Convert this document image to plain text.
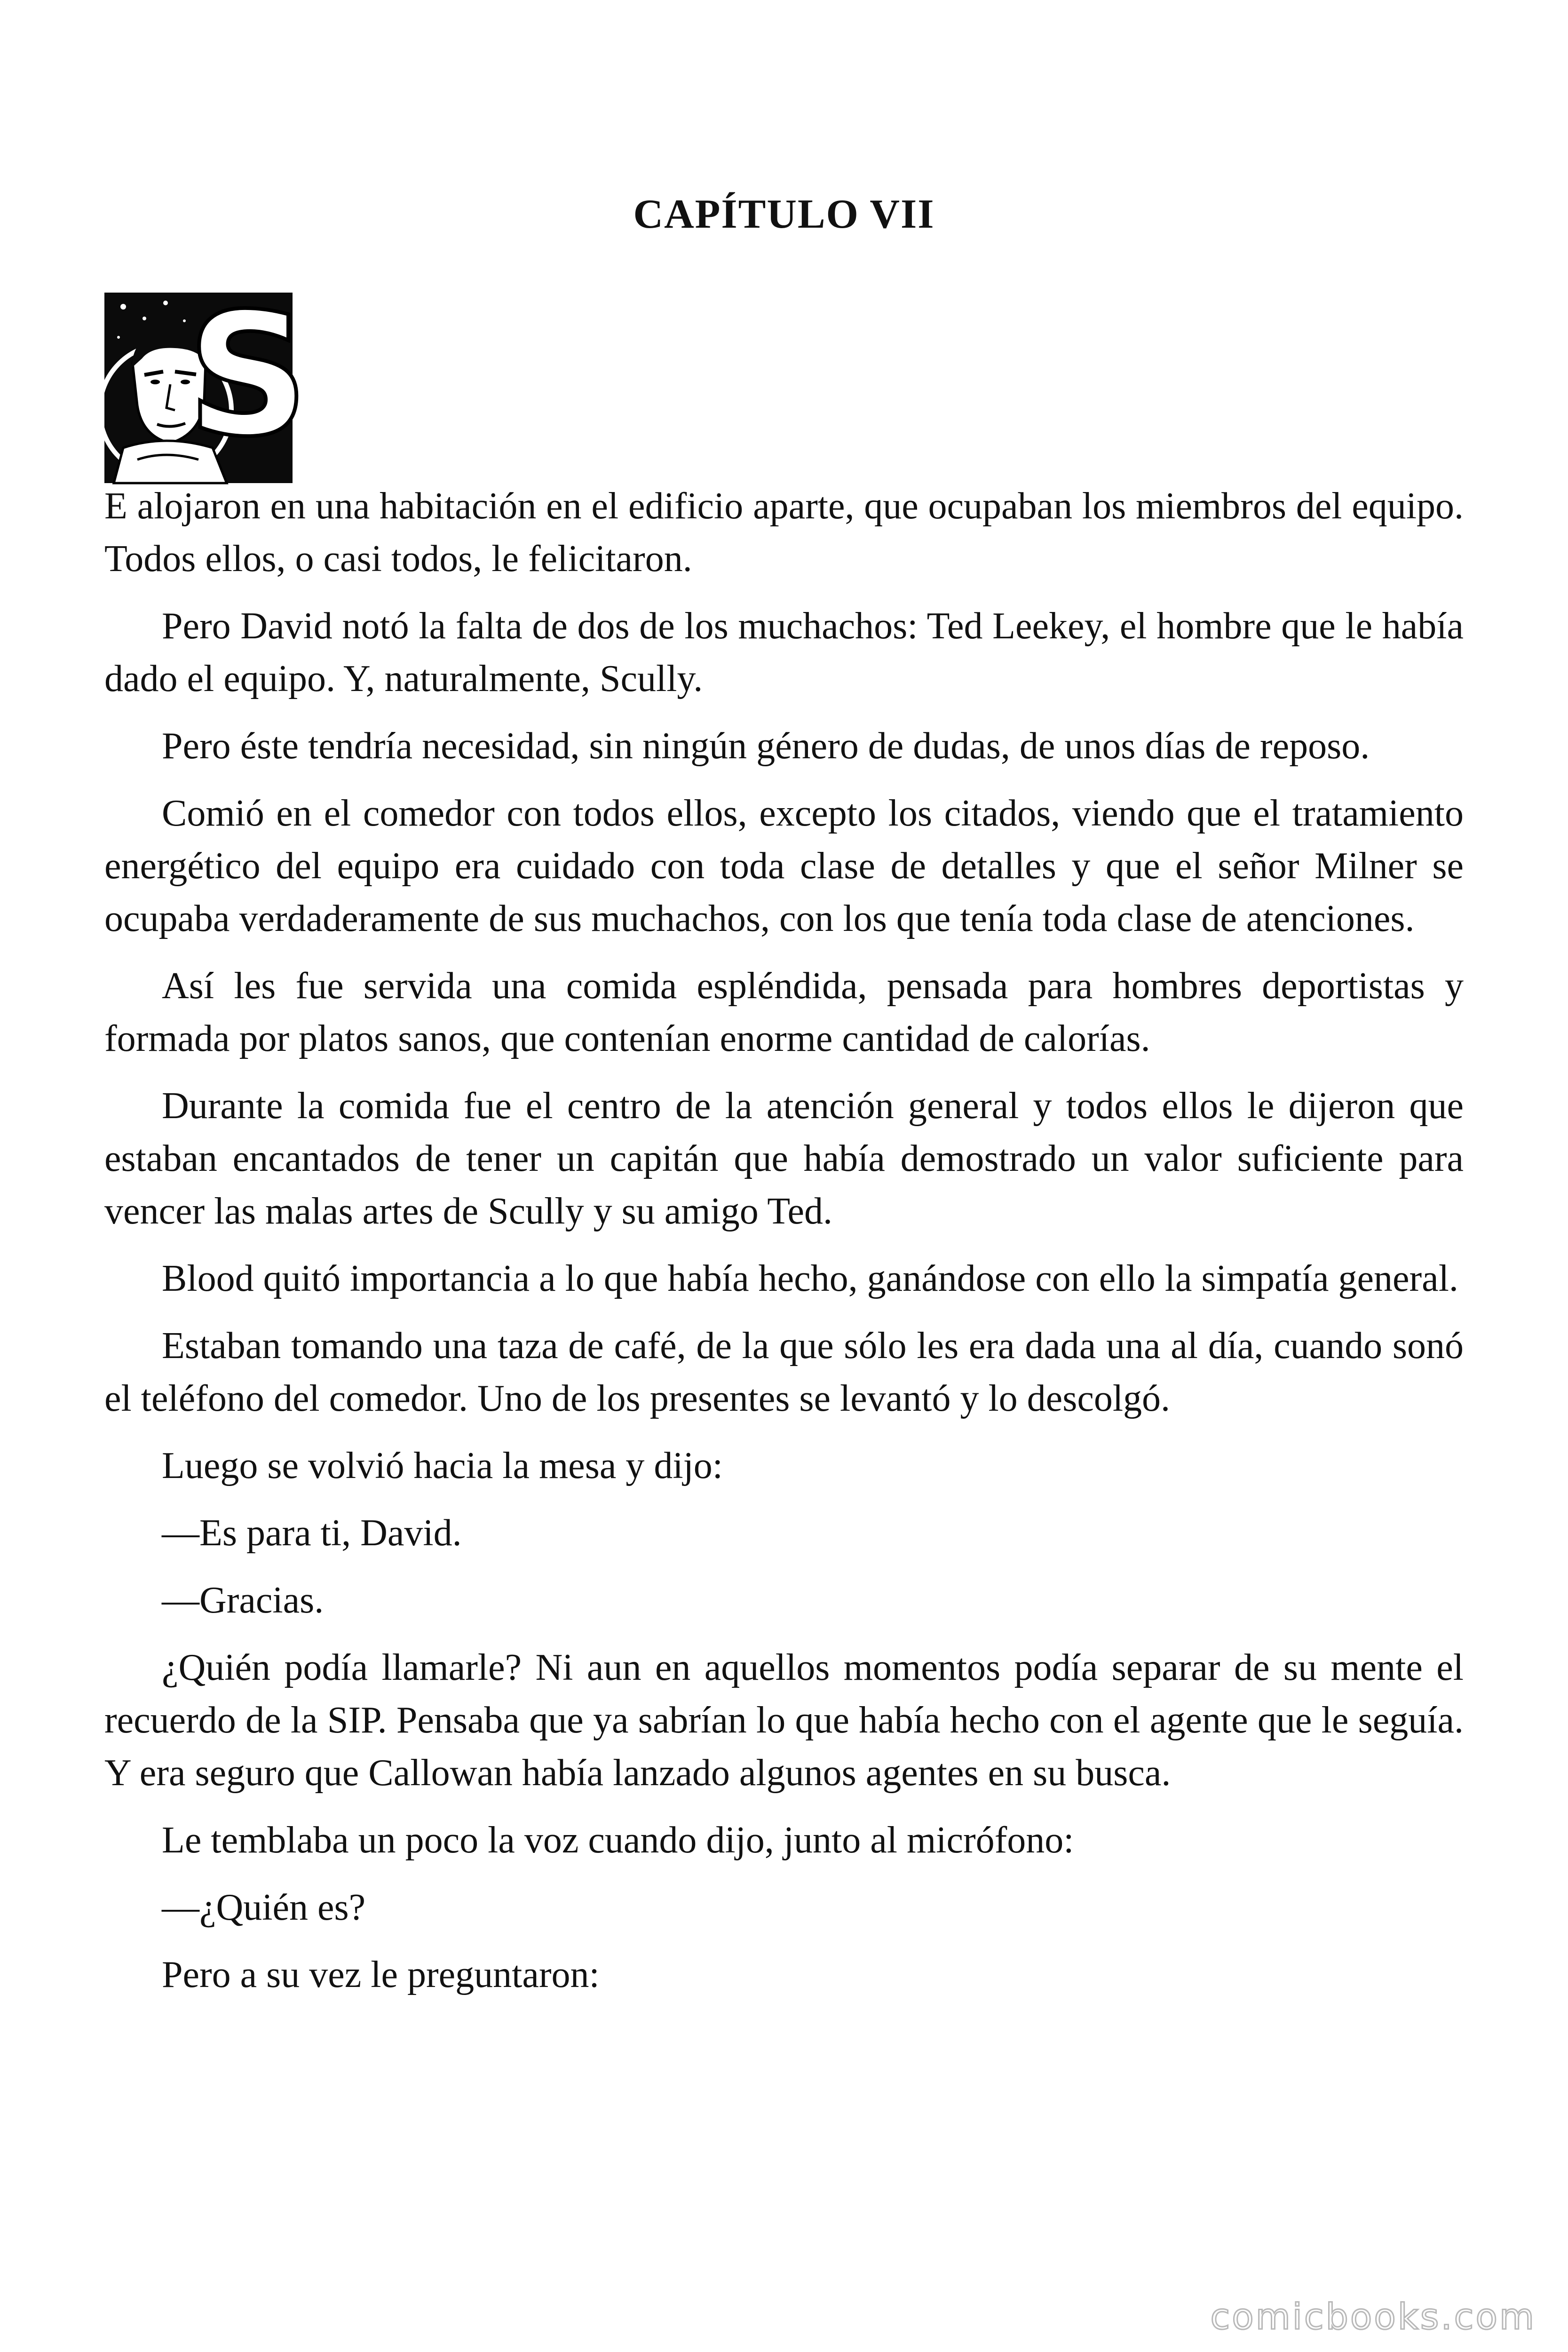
CAPÍTULO VII
S

E alojaron en una habitación en el edificio aparte, que ocupaban los miembros del equipo. Todos ellos, o casi todos, le felicitaron.

Pero David notó la falta de dos de los muchachos: Ted Leekey, el hombre que le había dado el equipo. Y, naturalmente, Scully.

Pero éste tendría necesidad, sin ningún género de dudas, de unos días de reposo.

Comió en el comedor con todos ellos, excepto los citados, viendo que el tratamiento energético del equipo era cuidado con toda clase de detalles y que el señor Milner se ocupaba verdaderamente de sus muchachos, con los que tenía toda clase de atenciones.

Así les fue servida una comida espléndida, pensada para hombres deportistas y formada por platos sanos, que contenían enorme cantidad de calorías.

Durante la comida fue el centro de la atención general y todos ellos le dijeron que estaban encantados de tener un capitán que había demostrado un valor suficiente para vencer las malas artes de Scully y su amigo Ted.

Blood quitó importancia a lo que había hecho, ganándose con ello la simpatía general.

Estaban tomando una taza de café, de la que sólo les era dada una al día, cuando sonó el teléfono del comedor. Uno de los presentes se levantó y lo descolgó.

Luego se volvió hacia la mesa y dijo:

—Es para ti, David.

—Gracias.

¿Quién podía llamarle? Ni aun en aquellos momentos podía separar de su mente el recuerdo de la SIP. Pensaba que ya sabrían lo que había hecho con el agente que le seguía. Y era seguro que Callowan había lanzado algunos agentes en su busca.

Le temblaba un poco la voz cuando dijo, junto al micrófono:

—¿Quién es?

Pero a su vez le preguntaron:

comicbooks.com
